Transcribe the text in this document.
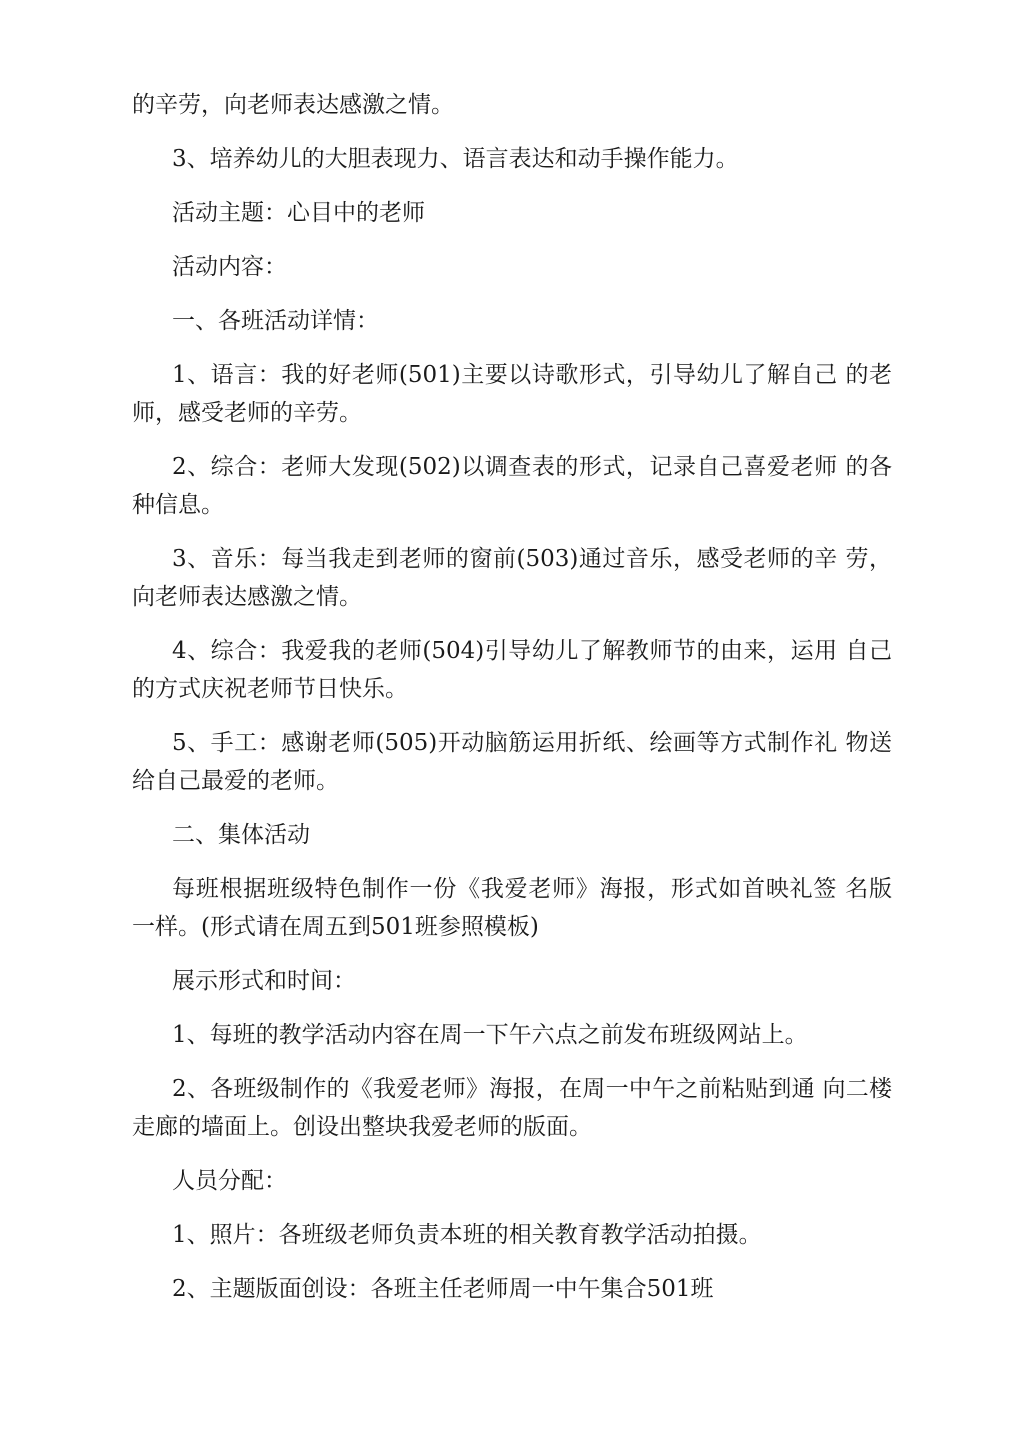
的辛劳，向老师表达感激之情。

3、培养幼儿的大胆表现力、语言表达和动手操作能力。

活动主题：心目中的老师

活动内容：

一、各班活动详情：

1、语言：我的好老师(501)主要以诗歌形式，引导幼儿了解自己 的老师，感受老师的辛劳。

2、综合：老师大发现(502)以调查表的形式，记录自己喜爱老师 的各种信息。

3、音乐：每当我走到老师的窗前(503)通过音乐，感受老师的辛 劳，向老师表达感激之情。

4、综合：我爱我的老师(504)引导幼儿了解教师节的由来，运用 自己的方式庆祝老师节日快乐。

5、手工：感谢老师(505)开动脑筋运用折纸、绘画等方式制作礼 物送给自己最爱的老师。

二、集体活动

每班根据班级特色制作一份《我爱老师》海报，形式如首映礼签 名版一样。(形式请在周五到501班参照模板)

展示形式和时间：

1、每班的教学活动内容在周一下午六点之前发布班级网站上。

2、各班级制作的《我爱老师》海报，在周一中午之前粘贴到通 向二楼走廊的墙面上。创设出整块我爱老师的版面。

人员分配：

1、照片：各班级老师负责本班的相关教育教学活动拍摄。

2、主题版面创设：各班主任老师周一中午集合501班
